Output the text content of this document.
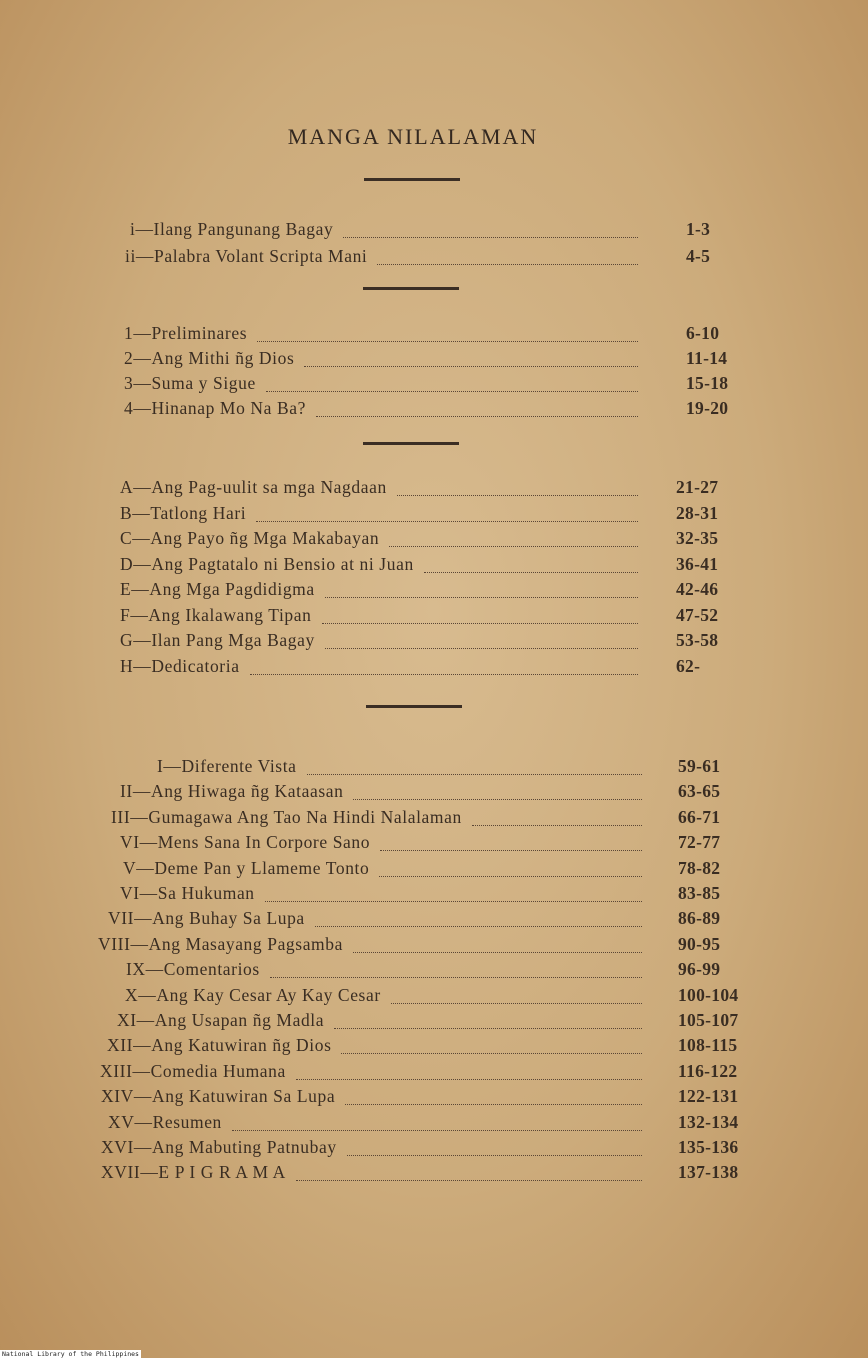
MANGA NILALAMAN
i—Ilang Pangunang Bagay	1-3
ii—Palabra Volant Scripta Mani	4-5
1—Preliminares	6-10
2—Ang Mithi ñg Dios	11-14
3—Suma y Sigue	15-18
4—Hinanap Mo Na Ba?	19-20
A—Ang Pag-uulit sa mga Nagdaan	21-27
B—Tatlong Hari	28-31
C—Ang Payo ñg Mga Makabayan	32-35
D—Ang Pagtatalo ni Bensio at ni Juan	36-41
E—Ang Mga Pagdidigma	42-46
F—Ang Ikalawang Tipan	47-52
G—Ilan Pang Mga Bagay	53-58
H—Dedicatoria	62-
I—Diferente Vista	59-61
II—Ang Hiwaga ñg Kataasan	63-65
III—Gumagawa Ang Tao Na Hindi Nalalaman	66-71
VI—Mens Sana In Corpore Sano	72-77
V—Deme Pan y Llameme Tonto	78-82
VI—Sa Hukuman	83-85
VII—Ang Buhay Sa Lupa	86-89
VIII—Ang Masayang Pagsamba	90-95
IX—Comentarios	96-99
X—Ang Kay Cesar Ay Kay Cesar	100-104
XI—Ang Usapan ñg Madla	105-107
XII—Ang Katuwiran ñg Dios	108-115
XIII—Comedia Humana	116-122
XIV—Ang Katuwiran Sa Lupa	122-131
XV—Resumen	132-134
XVI—Ang Mabuting Patnubay	135-136
XVII—E P I G R A M A	137-138
National Library of the Philippines
